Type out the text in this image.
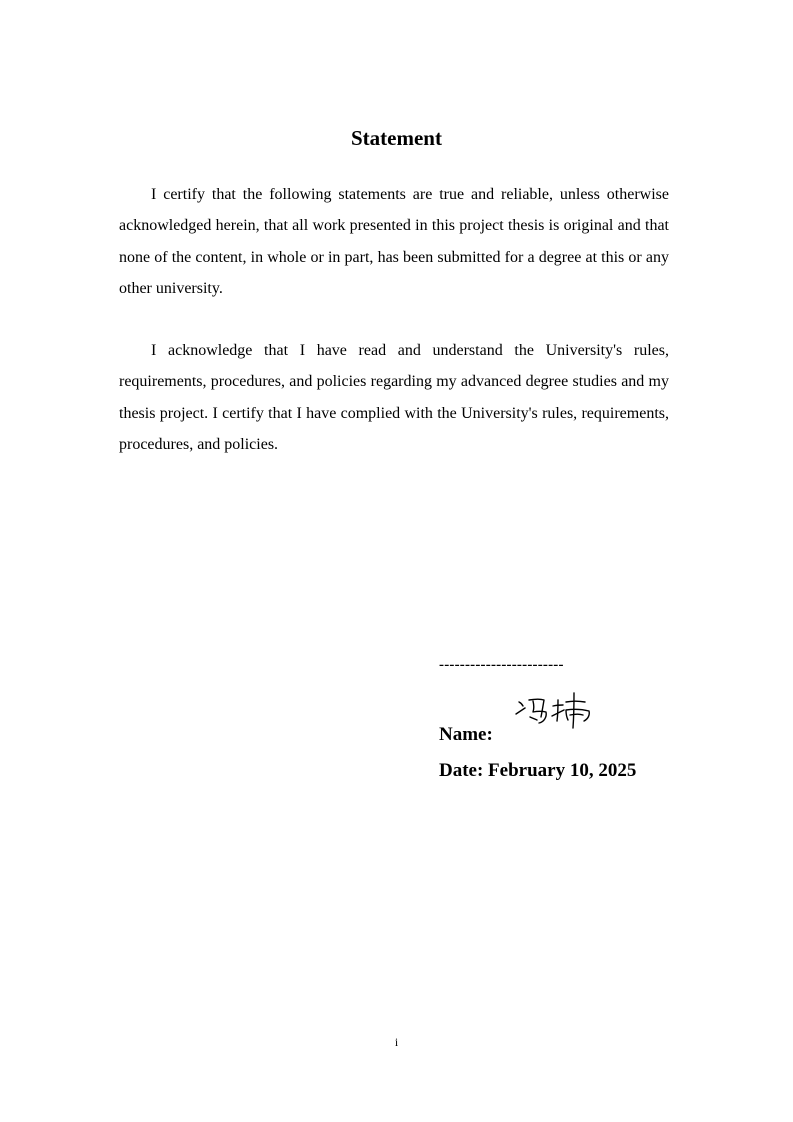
Statement

I certify that the following statements are true and reliable, unless otherwise acknowledged herein, that all work presented in this project thesis is original and that none of the content, in whole or in part, has been submitted for a degree at this or any other university.

I acknowledge that I have read and understand the University's rules, requirements, procedures, and policies regarding my advanced degree studies and my thesis project. I certify that I have complied with the University's rules, requirements, procedures, and policies.

------------------------
Name:
Date: February 10, 2025
i
